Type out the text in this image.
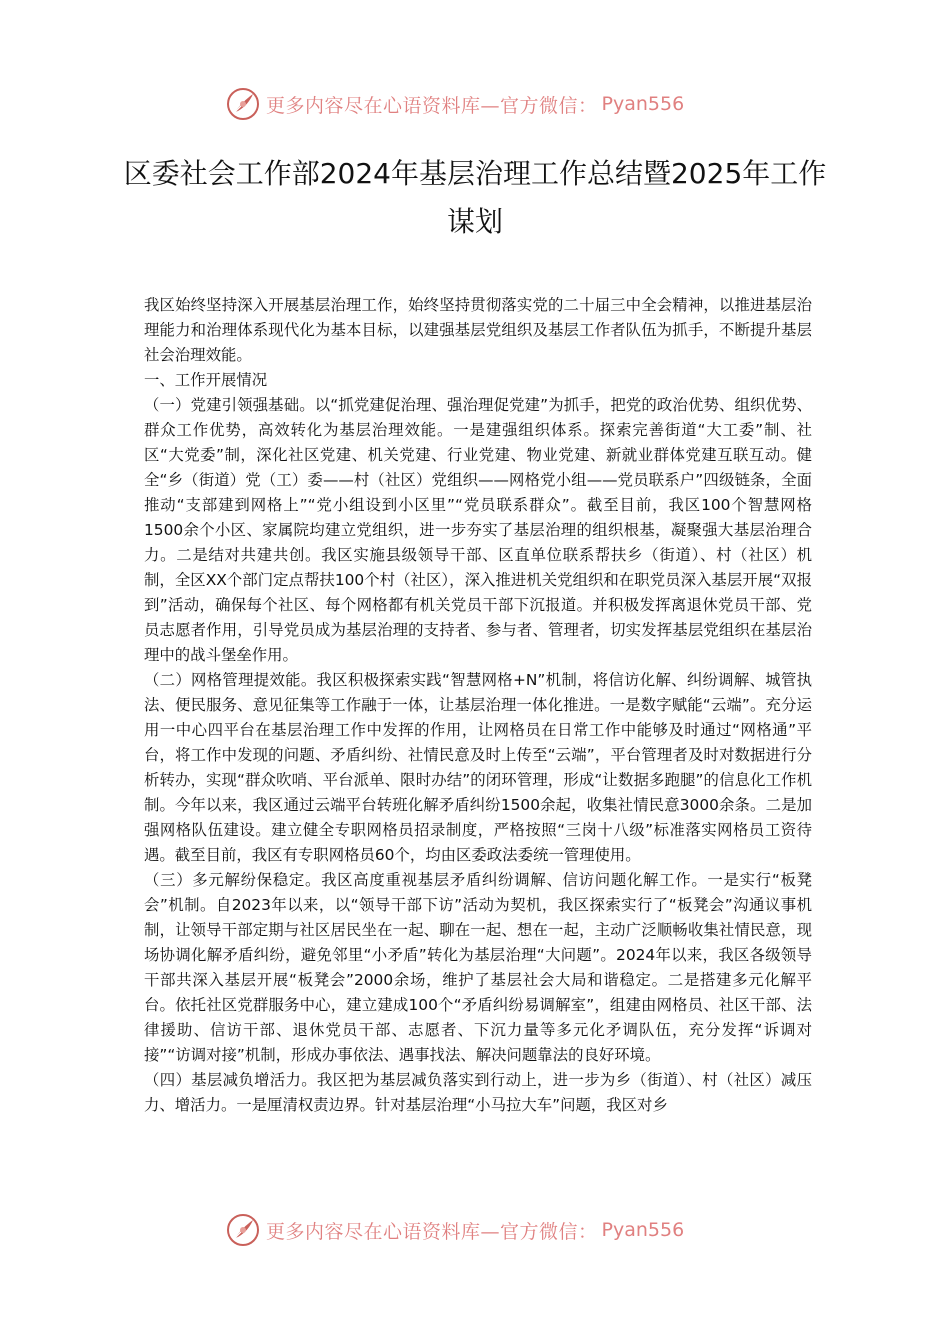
更多内容尽在心语资料库—官方微信： Pyan556
区委社会工作部2024年基层治理工作总结暨2025年工作谋划

我区始终坚持深入开展基层治理工作，始终坚持贯彻落实党的二十届三中全会精神，以推进基层治理能力和治理体系现代化为基本目标，以建强基层党组织及基层工作者队伍为抓手，不断提升基层社会治理效能。

一、工作开展情况

（一）党建引领强基础。以“抓党建促治理、强治理促党建”为抓手，把党的政治优势、组织优势、群众工作优势，高效转化为基层治理效能。一是建强组织体系。探索完善街道“大工委”制、社区“大党委”制，深化社区党建、机关党建、行业党建、物业党建、新就业群体党建互联互动。健全“乡（街道）党（工）委——村（社区）党组织——网格党小组——党员联系户”四级链条，全面推动“支部建到网格上”“党小组设到小区里”“党员联系群众”。截至目前，我区100个智慧网格1500余个小区、家属院均建立党组织，进一步夯实了基层治理的组织根基，凝聚强大基层治理合力。二是结对共建共创。我区实施县级领导干部、区直单位联系帮扶乡（街道）、村（社区）机制，全区XX个部门定点帮扶100个村（社区），深入推进机关党组织和在职党员深入基层开展“双报到”活动，确保每个社区、每个网格都有机关党员干部下沉报道。并积极发挥离退休党员干部、党员志愿者作用，引导党员成为基层治理的支持者、参与者、管理者，切实发挥基层党组织在基层治理中的战斗堡垒作用。

（二）网格管理提效能。我区积极探索实践“智慧网格+N”机制，将信访化解、纠纷调解、城管执法、便民服务、意见征集等工作融于一体，让基层治理一体化推进。一是数字赋能“云端”。充分运用一中心四平台在基层治理工作中发挥的作用，让网格员在日常工作中能够及时通过“网格通”平台，将工作中发现的问题、矛盾纠纷、社情民意及时上传至“云端”，平台管理者及时对数据进行分析转办，实现“群众吹哨、平台派单、限时办结”的闭环管理，形成“让数据多跑腿”的信息化工作机制。今年以来，我区通过云端平台转班化解矛盾纠纷1500余起，收集社情民意3000余条。二是加强网格队伍建设。建立健全专职网格员招录制度，严格按照“三岗十八级”标准落实网格员工资待遇。截至目前，我区有专职网格员60个，均由区委政法委统一管理使用。

（三）多元解纷保稳定。我区高度重视基层矛盾纠纷调解、信访问题化解工作。一是实行“板凳会”机制。自2023年以来，以“领导干部下访”活动为契机，我区探索实行了“板凳会”沟通议事机制，让领导干部定期与社区居民坐在一起、聊在一起、想在一起，主动广泛顺畅收集社情民意，现场协调化解矛盾纠纷，避免邻里“小矛盾”转化为基层治理“大问题”。2024年以来，我区各级领导干部共深入基层开展“板凳会”2000余场，维护了基层社会大局和谐稳定。二是搭建多元化解平台。依托社区党群服务中心，建立建成100个“矛盾纠纷易调解室”，组建由网格员、社区干部、法律援助、信访干部、退休党员干部、志愿者、下沉力量等多元化矛调队伍，充分发挥“诉调对接”“访调对接”机制，形成办事依法、遇事找法、解决问题靠法的良好环境。

（四）基层减负增活力。我区把为基层减负落实到行动上，进一步为乡（街道）、村（社区）减压力、增活力。一是厘清权责边界。针对基层治理“小马拉大车”问题，我区对乡

更多内容尽在心语资料库—官方微信： Pyan556
